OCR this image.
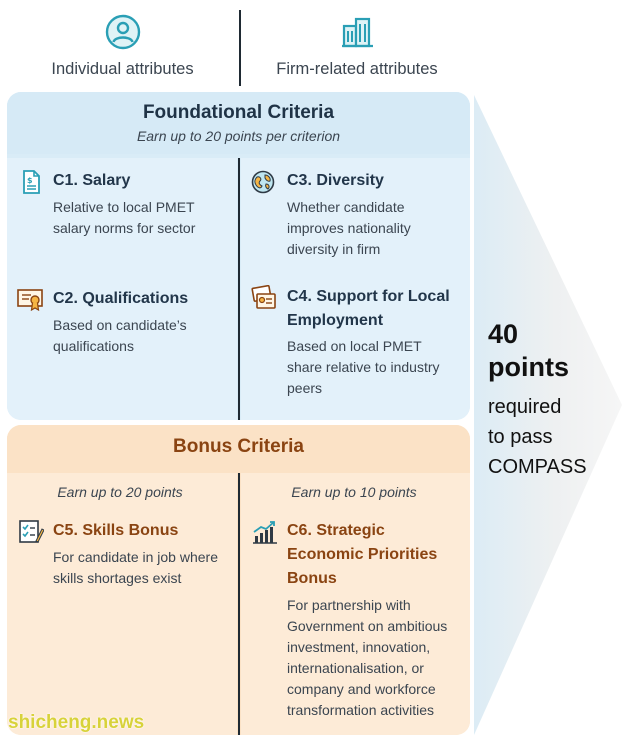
Individual attributes	Firm-related attributes
Foundational Criteria
Earn up to 20 points per criterion
$ C1. Salary
Relative to local PMET
salary norms for sector
C2. Qualifications
Based on candidate’s
qualifications
C3. Diversity
Whether candidate
improves nationality
diversity in firm
C4. Support for Local
Employment
Based on local PMET
share relative to industry
peers
Bonus Criteria
Earn up to 20 points	Earn up to 10 points
C5. Skills Bonus
For candidate in job where
skills shortages exist
C6. Strategic
Economic Priorities
Bonus
For partnership with
Government on ambitious
investment, innovation,
internationalisation, or
company and workforce
transformation activities
40
points
required
to pass
COMPASS
shicheng.news
